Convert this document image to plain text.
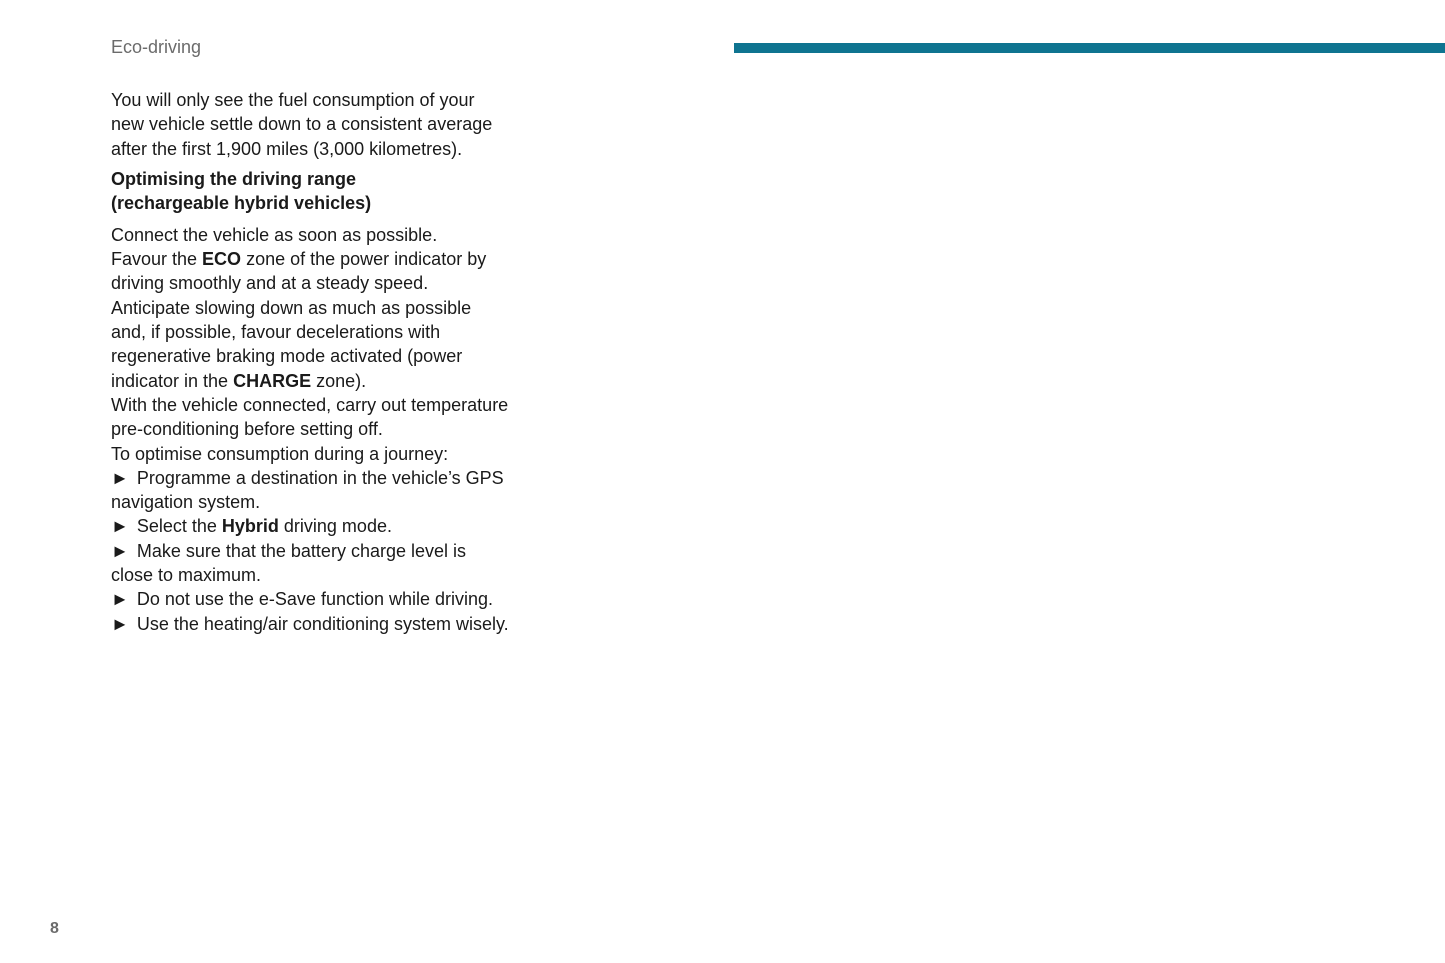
Eco-driving

You will only see the fuel consumption of your new vehicle settle down to a consistent average after the first 1,900 miles (3,000 kilometres).

Optimising the driving range
(rechargeable hybrid vehicles)

Connect the vehicle as soon as possible.

Favour the ECO zone of the power indicator by driving smoothly and at a steady speed.

Anticipate slowing down as much as possible and, if possible, favour decelerations with regenerative braking mode activated (power indicator in the CHARGE zone).

With the vehicle connected, carry out temperature pre-conditioning before setting off.

To optimise consumption during a journey:

► Programme a destination in the vehicle’s GPS navigation system.

► Select the Hybrid driving mode.

► Make sure that the battery charge level is close to maximum.

► Do not use the e-Save function while driving.

► Use the heating/air conditioning system wisely.

8
